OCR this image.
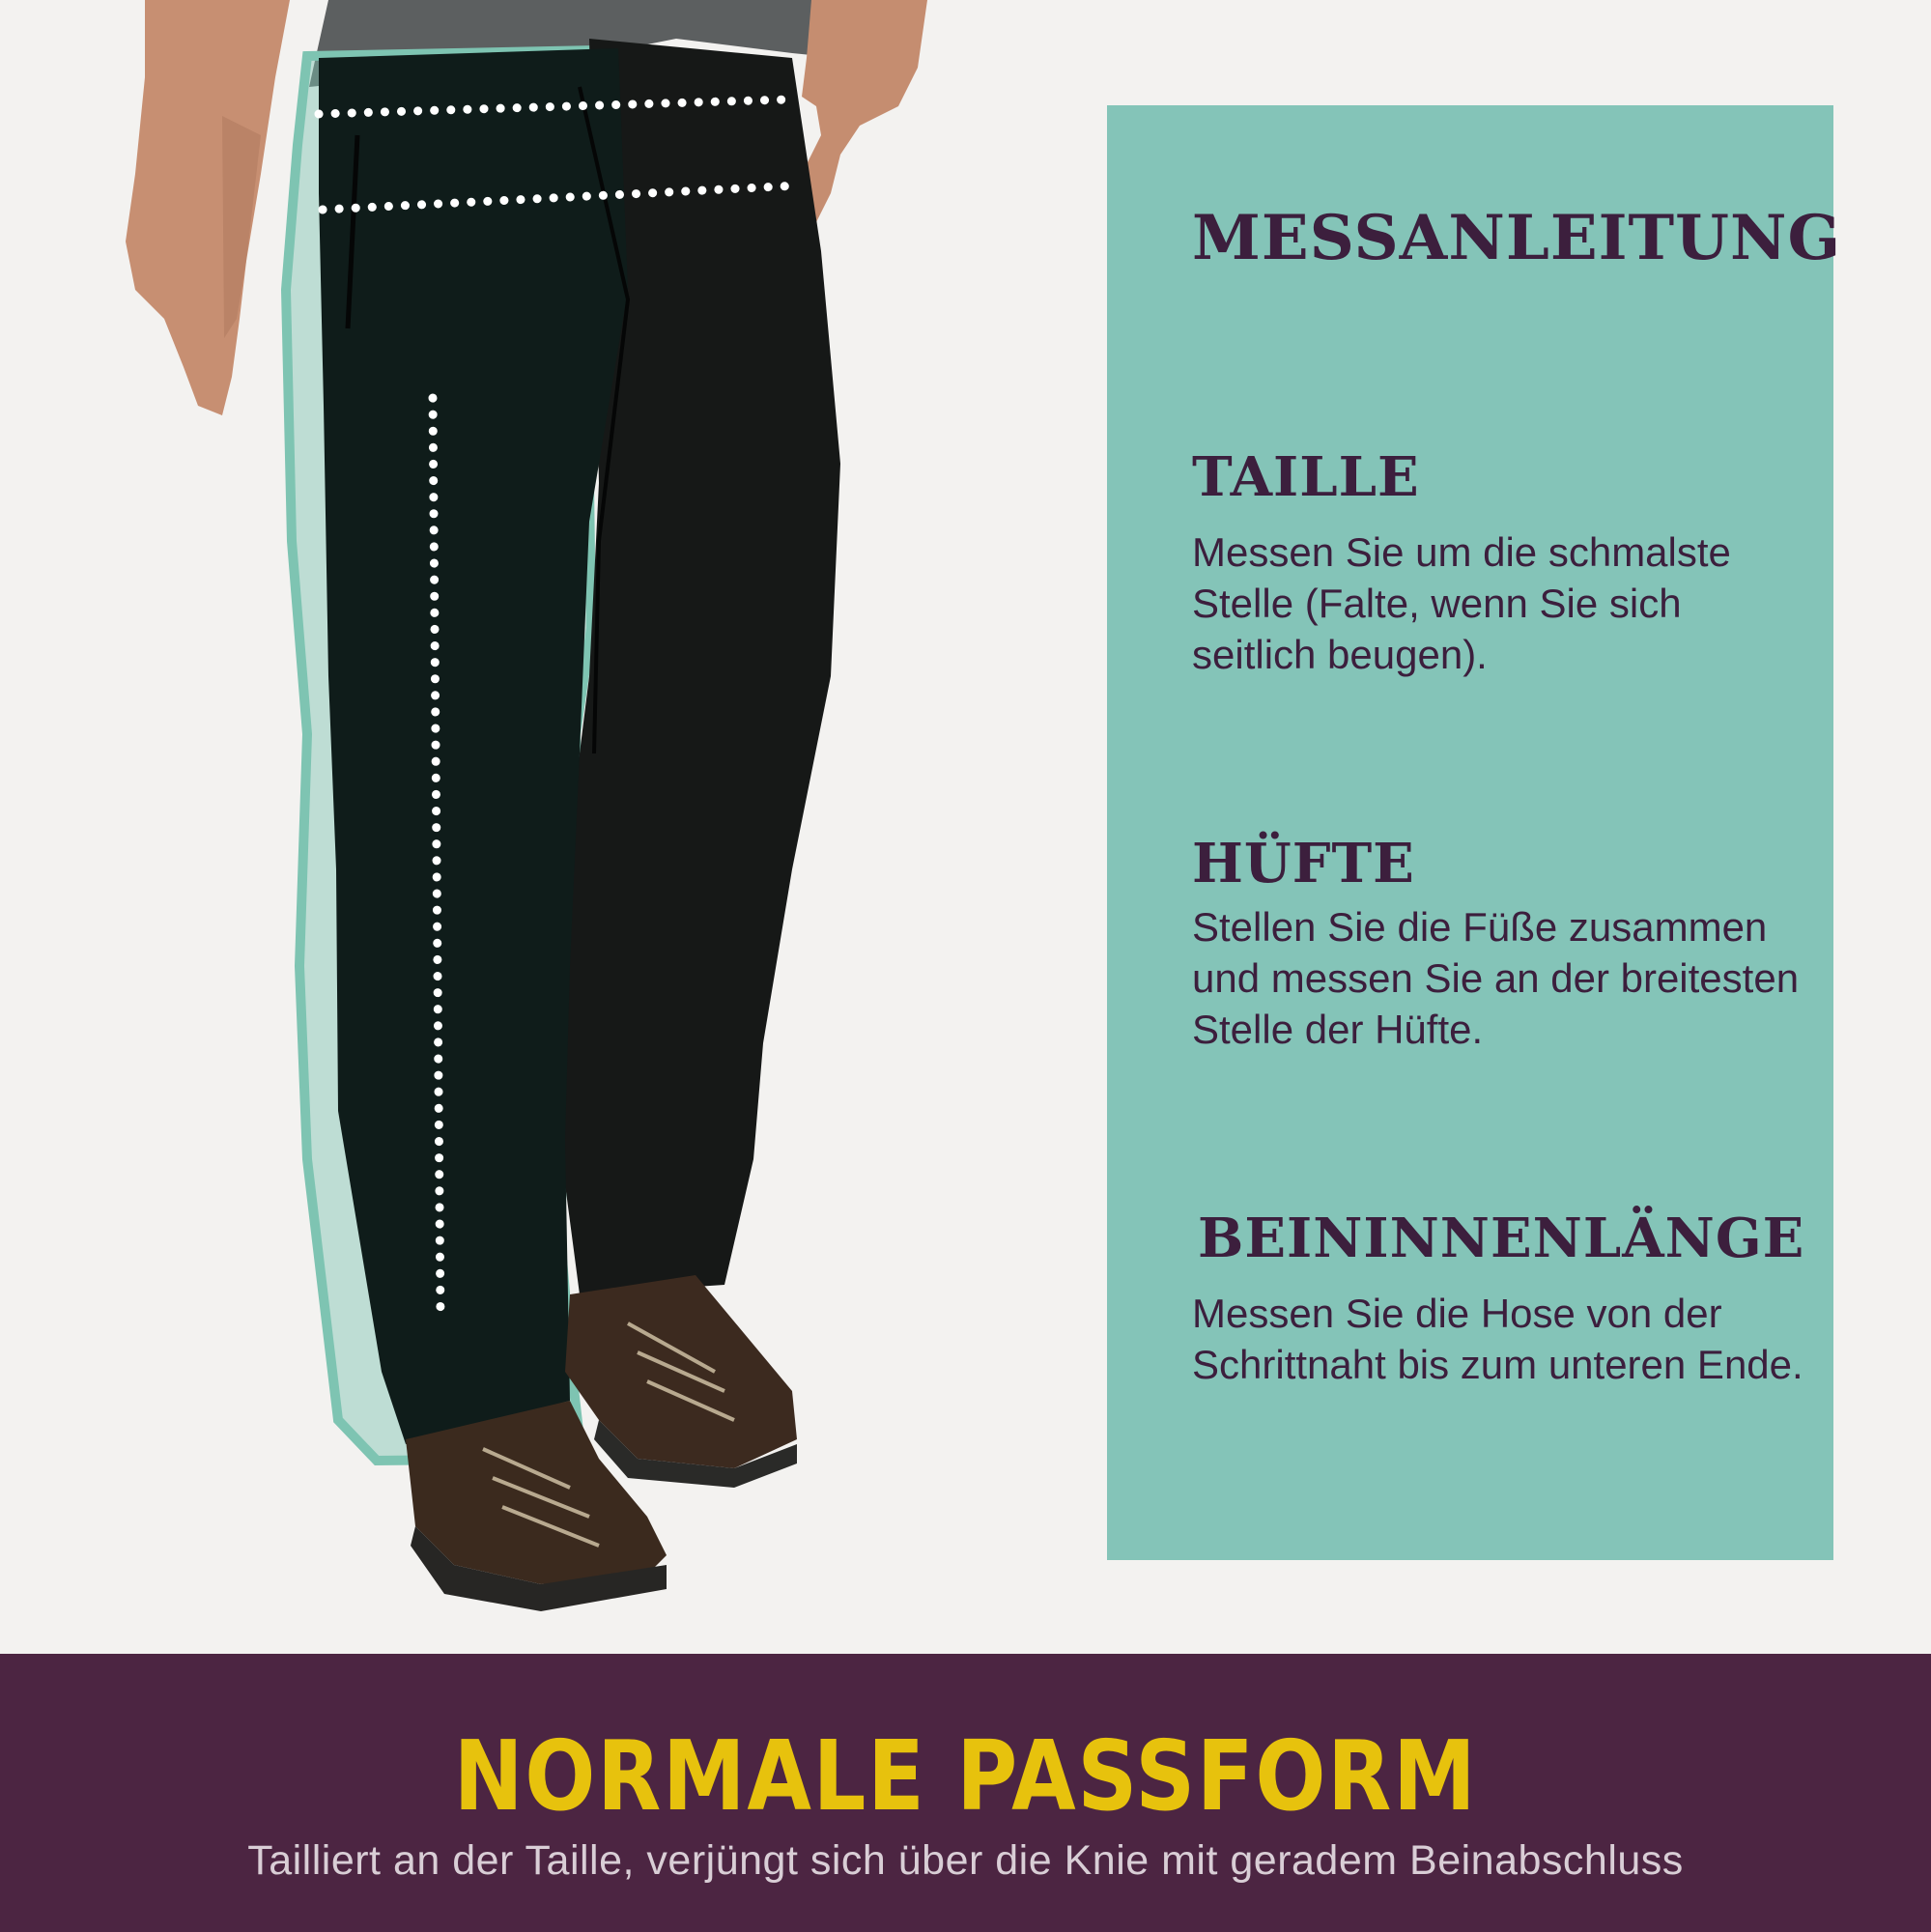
MESSANLEITUNG
TAILLE

Messen Sie um die schmalste Stelle (Falte, wenn Sie sich seitlich beugen).

HÜFTE

Stellen Sie die Füße zusammen und messen Sie an der breitesten Stelle der Hüfte.

BEININNENLÄNGE

Messen Sie die Hose von der Schrittnaht bis zum unteren Ende.

NORMALE PASSFORM

Tailliert an der Taille, verjüngt sich über die Knie mit geradem Beinabschluss
